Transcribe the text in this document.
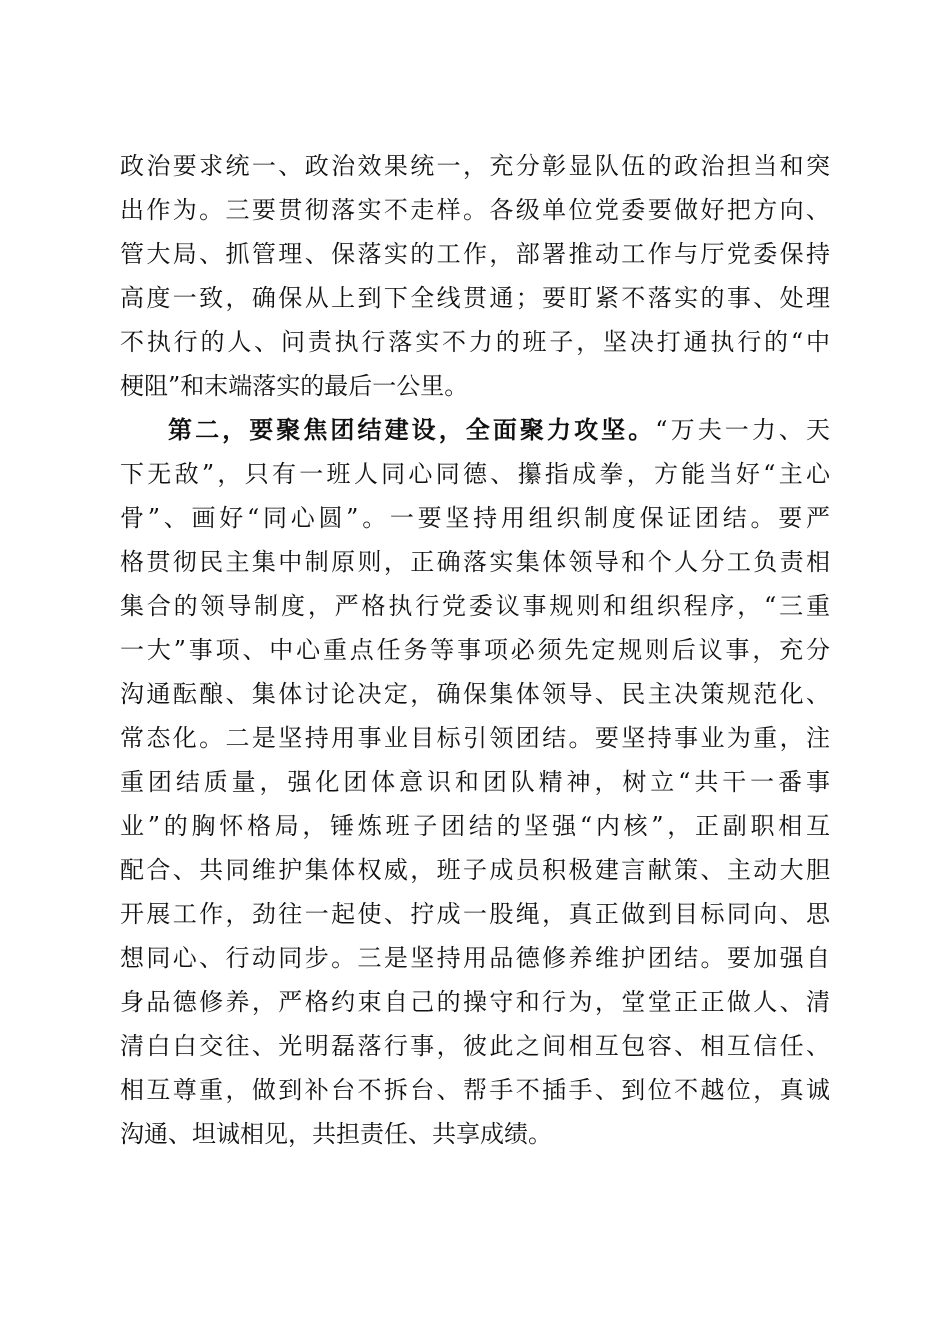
政治要求统一、政治效果统一，充分彰显队伍的政治担当和突
出作为。三要贯彻落实不走样。各级单位党委要做好把方向、
管大局、抓管理、保落实的工作，部署推动工作与厅党委保持
高度一致，确保从上到下全线贯通；要盯紧不落实的事、处理
不执行的人、问责执行落实不力的班子，坚决打通执行的“中
梗阻”和末端落实的最后一公里。
第二，要聚焦团结建设，全面聚力攻坚。“万夫一力、天
下无敌”，只有一班人同心同德、攥指成拳，方能当好“主心
骨”、画好“同心圆”。一要坚持用组织制度保证团结。要严
格贯彻民主集中制原则，正确落实集体领导和个人分工负责相
集合的领导制度，严格执行党委议事规则和组织程序，“三重
一大”事项、中心重点任务等事项必须先定规则后议事，充分
沟通酝酿、集体讨论决定，确保集体领导、民主决策规范化、
常态化。二是坚持用事业目标引领团结。要坚持事业为重，注
重团结质量，强化团体意识和团队精神，树立“共干一番事
业”的胸怀格局，锤炼班子团结的坚强“内核”，正副职相互
配合、共同维护集体权威，班子成员积极建言献策、主动大胆
开展工作，劲往一起使、拧成一股绳，真正做到目标同向、思
想同心、行动同步。三是坚持用品德修养维护团结。要加强自
身品德修养，严格约束自己的操守和行为，堂堂正正做人、清
清白白交往、光明磊落行事，彼此之间相互包容、相互信任、
相互尊重，做到补台不拆台、帮手不插手、到位不越位，真诚
沟通、坦诚相见，共担责任、共享成绩。
